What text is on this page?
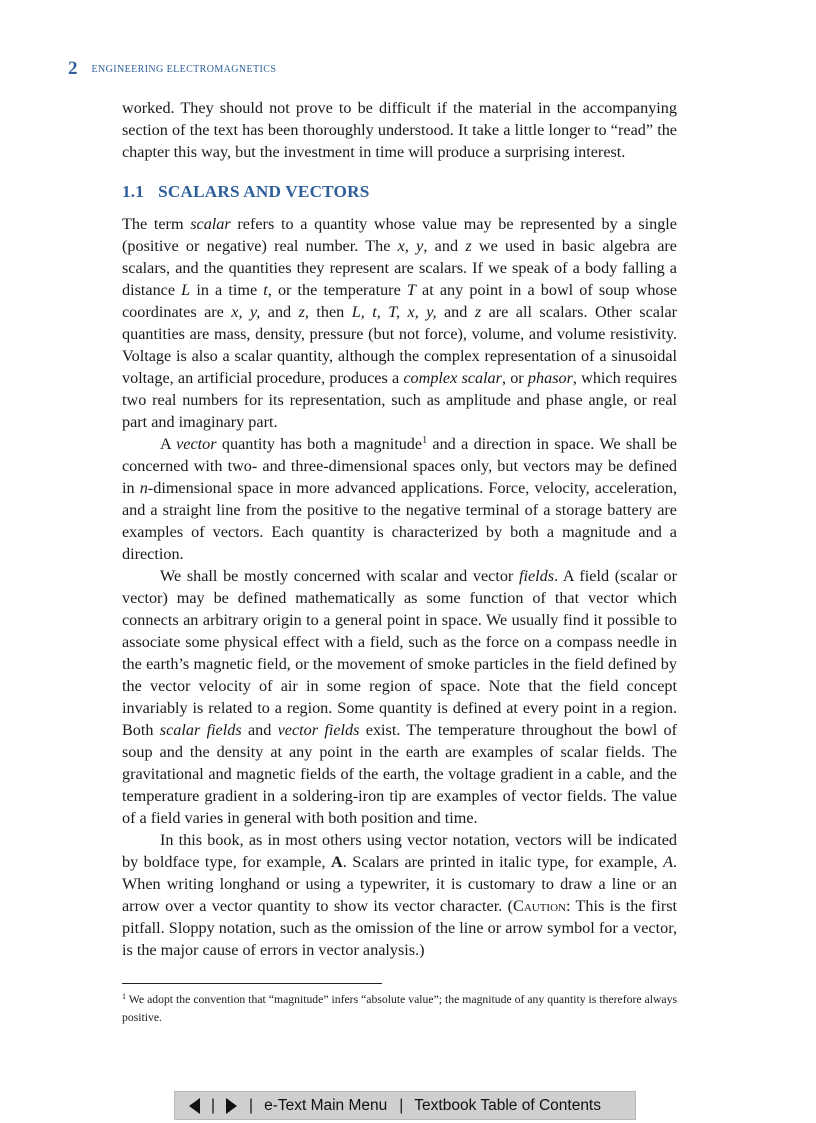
2 ENGINEERING ELECTROMAGNETICS

worked. They should not prove to be difficult if the material in the accompanying section of the text has been thoroughly understood. It take a little longer to “read” the chapter this way, but the investment in time will produce a surprising interest.

1.1 SCALARS AND VECTORS

The term scalar refers to a quantity whose value may be represented by a single (positive or negative) real number. The x, y, and z we used in basic algebra are scalars, and the quantities they represent are scalars. If we speak of a body falling a distance L in a time t, or the temperature T at any point in a bowl of soup whose coordinates are x, y, and z, then L, t, T, x, y, and z are all scalars. Other scalar quantities are mass, density, pressure (but not force), volume, and volume resistivity. Voltage is also a scalar quantity, although the complex representation of a sinusoidal voltage, an artificial procedure, produces a complex scalar, or phasor, which requires two real numbers for its representation, such as amplitude and phase angle, or real part and imaginary part.

A vector quantity has both a magnitude$^1$ and a direction in space. We shall be concerned with two- and three-dimensional spaces only, but vectors may be defined in n-dimensional space in more advanced applications. Force, velocity, acceleration, and a straight line from the positive to the negative terminal of a storage battery are examples of vectors. Each quantity is characterized by both a magnitude and a direction.

We shall be mostly concerned with scalar and vector fields. A field (scalar or vector) may be defined mathematically as some function of that vector which connects an arbitrary origin to a general point in space. We usually find it possible to associate some physical effect with a field, such as the force on a compass needle in the earth’s magnetic field, or the movement of smoke particles in the field defined by the vector velocity of air in some region of space. Note that the field concept invariably is related to a region. Some quantity is defined at every point in a region. Both scalar fields and vector fields exist. The temperature throughout the bowl of soup and the density at any point in the earth are examples of scalar fields. The gravitational and magnetic fields of the earth, the voltage gradient in a cable, and the temperature gradient in a soldering-iron tip are examples of vector fields. The value of a field varies in general with both position and time.

In this book, as in most others using vector notation, vectors will be indicated by boldface type, for example, A. Scalars are printed in italic type, for example, A. When writing longhand or using a typewriter, it is customary to draw a line or an arrow over a vector quantity to show its vector character. (Caution: This is the first pitfall. Sloppy notation, such as the omission of the line or arrow symbol for a vector, is the major cause of errors in vector analysis.)

$^1$ We adopt the convention that “magnitude” infers “absolute value”; the magnitude of any quantity is therefore always positive.

| | e-Text Main Menu | Textbook Table of Contents
